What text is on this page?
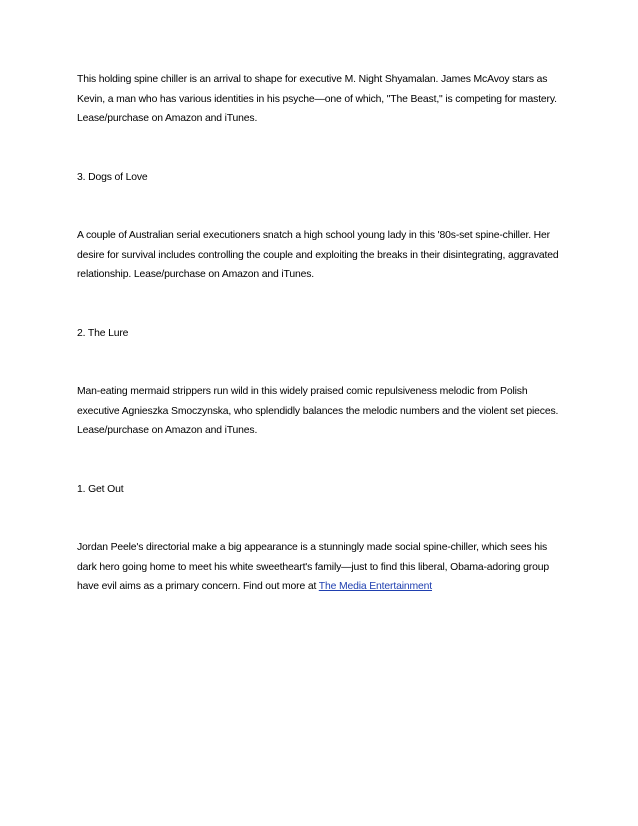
This holding spine chiller is an arrival to shape for executive M. Night Shyamalan. James McAvoy stars as Kevin, a man who has various identities in his psyche—one of which, "The Beast," is competing for mastery. Lease/purchase on Amazon and iTunes.

3. Dogs of Love

A couple of Australian serial executioners snatch a high school young lady in this '80s-set spine-chiller. Her desire for survival includes controlling the couple and exploiting the breaks in their disintegrating, aggravated relationship. Lease/purchase on Amazon and iTunes.

2. The Lure

Man-eating mermaid strippers run wild in this widely praised comic repulsiveness melodic from Polish executive Agnieszka Smoczynska, who splendidly balances the melodic numbers and the violent set pieces. Lease/purchase on Amazon and iTunes.

1. Get Out

Jordan Peele's directorial make a big appearance is a stunningly made social spine-chiller, which sees his dark hero going home to meet his white sweetheart's family—just to find this liberal, Obama-adoring group have evil aims as a primary concern. Find out more at The Media Entertainment
